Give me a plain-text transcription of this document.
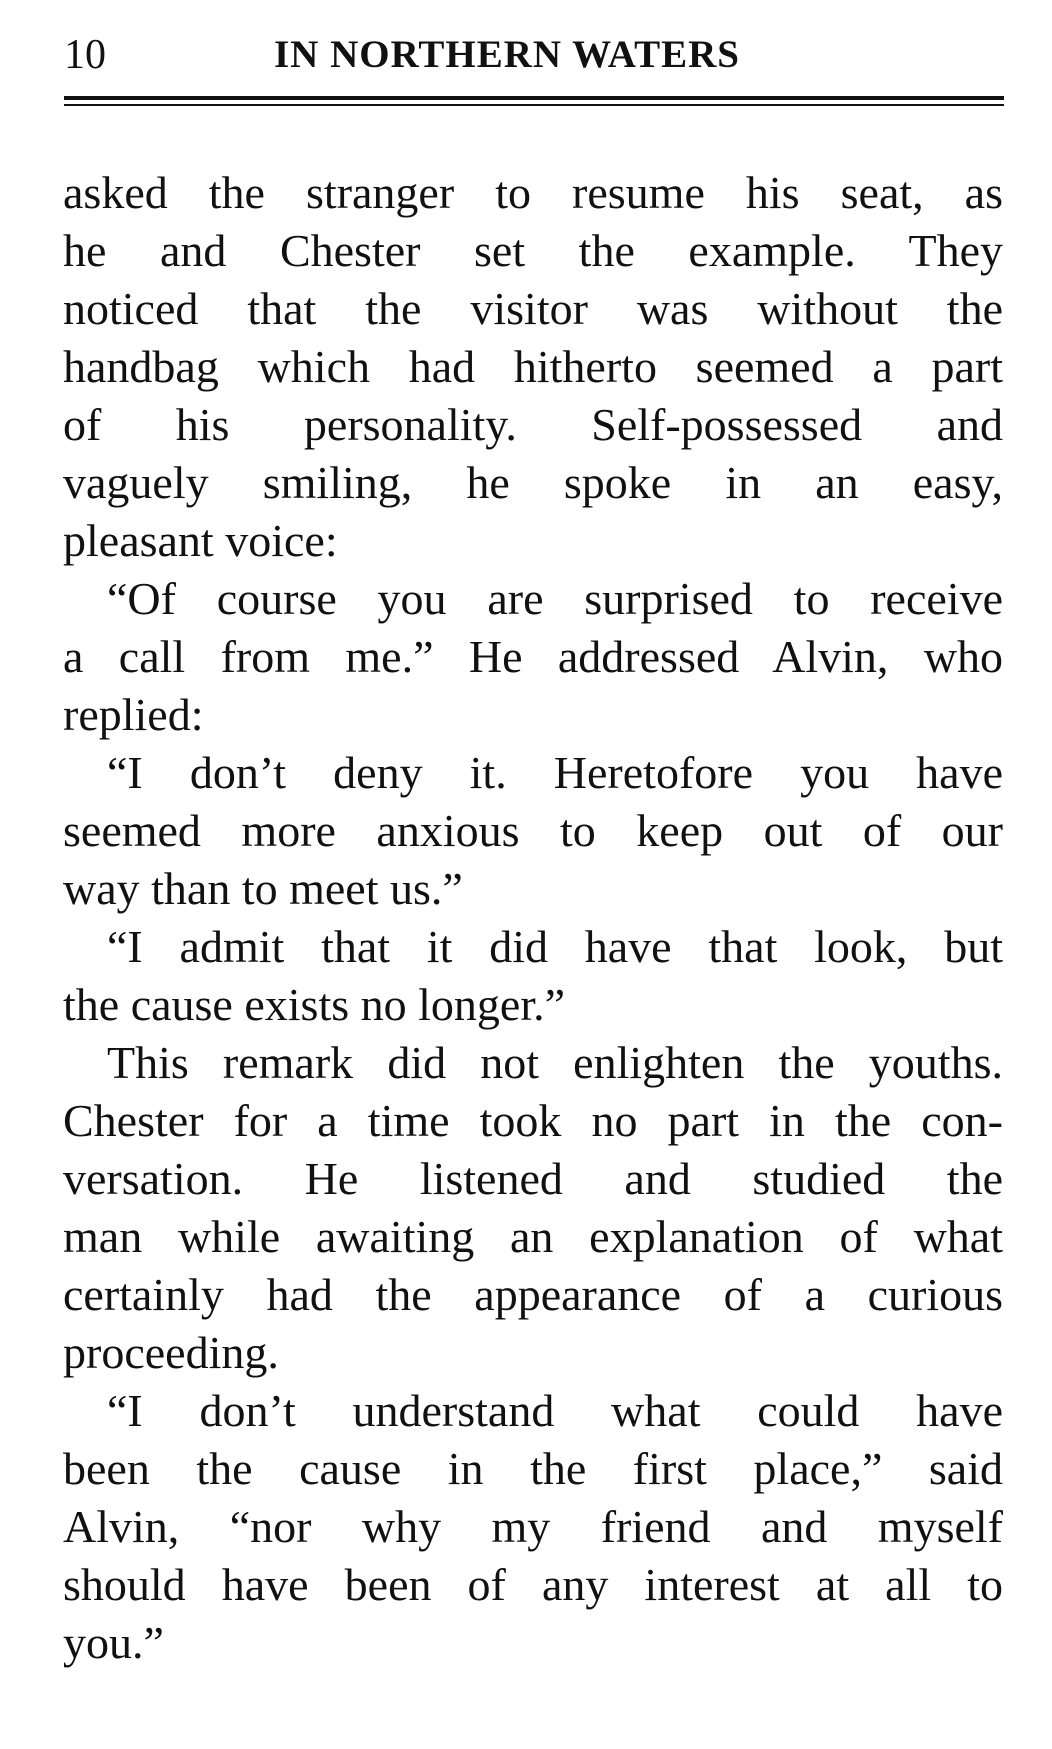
10	IN NORTHERN WATERS
asked the stranger to resume his seat, as
he and Chester set the example. They
noticed that the visitor was without the
handbag which had hitherto seemed a part
of his personality. Self-possessed and
vaguely smiling, he spoke in an easy,
pleasant voice:
“Of course you are surprised to receive
a call from me.” He addressed Alvin, who
replied:
“I don’t deny it. Heretofore you have
seemed more anxious to keep out of our
way than to meet us.”
“I admit that it did have that look, but
the cause exists no longer.”
This remark did not enlighten the youths.
Chester for a time took no part in the con-
versation. He listened and studied the
man while awaiting an explanation of what
certainly had the appearance of a curious
proceeding.
“I don’t understand what could have
been the cause in the first place,” said
Alvin, “nor why my friend and myself
should have been of any interest at all to
you.”
